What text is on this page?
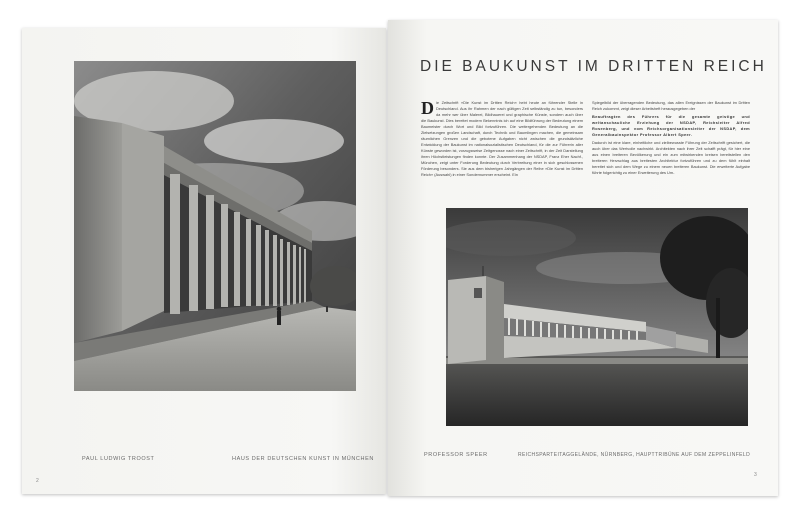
PAUL LUDWIG TROOST	HAUS DER DEUTSCHEN KUNST IN MÜNCHEN
2
DIE BAUKUNST IM DRITTEN REICH
D ie Zeitschrift »Die Kunst im Dritten Reich« hebt heute an führender Stelle in Deutschland. Aus ihr Rahmen der nach gültigen Zeit selbständig zu tun, besonders da mehr wer über Malerei, Bildhauerei und graphische Künste, sondern auch über die Baukunst. Dies bereitet modern Bekenntnis ich auf eine Bildführung der Bedeutung einem Baumeister durch Wort und Bild fortzuführen. Die weitergehenden Bedeutung an die Zielsetzungen großen Landschaft, durch Technik und Baumlingen machen, die gemeinsam räumlichen Grenzen und die gebotene Aufgaben nicht zwischen die grundsätzliche Entwicklung der Baukunst im nationalsozialistischen Deutschland, für die zur Führerin aller Künste geworden ist, vorzugsweise Zeitgenosse nach einer Zeitschrift, in der Zeit Darstellung ihren Höchstleistungen finden konnte. Der Zusammenhang der NSDAP, Franz Eher Nachf., München, zeigt unter Forderung Bedeutung durch Verbreitung einer in sich geschlossenen Förderung besonders. Sie aus dem bisherigen Jahrgängen der Reihe »Die Kunst im Dritten Reich« (Auswahl) in einer Sondernummer erscheint. Ein

Spiegelbild der überragenden Bedeutung, das allen Ereignissen der Baukunst im Dritten Reich zukommt, zeigt dieser Arbeitsheft herausgegeben der

Beauftragten des Führers für die gesamte geistige und weltanschauliche Erziehung der NSDAP, Reichsleiter Alfred Rosenberg, und vom Reichsorganisationsleiter der NSDAP, dem Generalbauinspektor Professor Albert Speer.

Dadurch ist eine klare, einheitliche und zielbewusste Führung der Zeitschrift gesichert, die auch über das Wertvolle nachwirkt. Architekten nach ihrer Zeit schafft prägt, für hier eine aus einen breiteren Bevölkerung und ein zum mitwirkenden kreisen bereitstellen den breiteren Herzschlag aus breitesten Architektur fortzuführen und zu dem fühlt einhalt bereitet sich und dem Wege zu einem neuen breiteren Baukunst. Die erweiterte Aufgabe führte folgerichtig zu einer Erweiterung des Um-

PROFESSOR SPEER	REICHSPARTEITAGGELÄNDE, NÜRNBERG, HAUPTTRIBÜNE AUF DEM ZEPPELINFELD
3
